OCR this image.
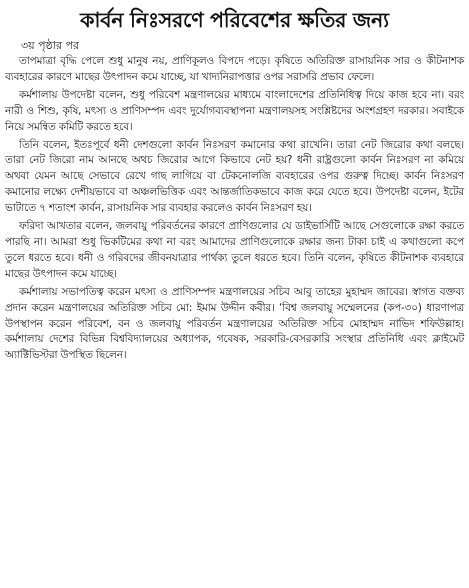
কার্বন নিঃসরণে পরিবেশের ক্ষতির জন্য
৩য় পৃষ্ঠার পর

তাপমাত্রা বৃদ্ধি পেলে শুধু মানুষ নয়, প্রাণিকূলও বিপদে পড়ে। কৃষিতে অতিরিক্ত রাসায়নিক সার ও কীটনাশক ব্যবহারের কারণে মাছের উৎপাদন কমে যাচ্ছে, যা খাদ্যনিরাপত্তার ওপর সরাসরি প্রভাব ফেলে।

কর্মশালায় উপদেষ্টা বলেন, শুধু পরিবেশ মন্ত্রণালয়ের মাধ্যমে বাংলাদেশের প্রতিনিধিত্ব দিয়ে কাজ হবে না। বরং নারী ও শিশু, কৃষি, মৎস্য ও প্রাণিসম্পদ এবং দুর্যোগব্যবস্থাপনা মন্ত্রণালয়সহ সংশ্লিষ্টদের অংশগ্রহণ দরকার। সবাইকে নিয়ে সমন্বিত কমিটি করতে হবে।

তিনি বলেন, ইতঃপূর্বে ধনী দেশগুলো কার্বন নিঃসরণ কমানোর কথা রাখেনি। তারা নেট জিরোর কথা বলছে। তারা নেট জিরো নাম আনছে অথচ জিরোর আগে কিভাবে নেট হয়? ধনী রাষ্ট্রগুলো কার্বন নিঃসরণ না কমিয়ে অথবা যেমন আছে সেভাবে রেখে গাছ লাগিয়ে বা টেকনোলজি ব্যবহারের ওপর গুরুত্ব দিচ্ছে। কার্বন নিঃসরণ কমানোর লক্ষ্যে দেশীয়ভাবে বা অঞ্চলভিত্তিক এবং আন্তর্জাতিকভাবে কাজ করে যেতে হবে। উপদেষ্টা বলেন, ইটের ভাটাতে ৭ শতাংশ কার্বন, রাসায়নিক সার ব্যবহার করলেও কার্বন নিঃসরণ হয়।

ফরিদা আখতার বলেন, জলবায়ু পরিবর্তনের কারণে প্রাণিগুলোর যে ডাইভার্সিটি আছে সেগুলোকে রক্ষা করতে পারছি না। আমরা শুধু ভিকটিমের কথা না বরং আমাদের প্রাণিগুলোকে রক্ষার জন্য টাকা চাই এ কথাগুলো কপে তুলে ধরতে হবে। ধনী ও গরিবদের জীবনযাত্রার পার্থক্য তুলে ধরতে হবে। তিনি বলেন, কৃষিতে কীটনাশক ব্যবহারে মাছের উৎপাদন কমে যাচ্ছে।

কর্মশালায় সভাপতিত্ব করেন মৎস্য ও প্রাণিসম্পদ মন্ত্রণালয়ের সচিব আবু তাহের মুহাম্মদ জাবের। স্বাগত বক্তব্য প্রদান করেন মন্ত্রণালয়ের অতিরিক্ত সচিব মো: ইমাম উদ্দীন কবীর। ‘বিশ্ব জলবায়ু সম্মেলনের (কপ-৩০) ধারণাপত্র উপস্থাপন করেন পরিবেশ, বন ও জলবায়ু পরিবর্তন মন্ত্রণালয়ের অতিরিক্ত সচিব মোহাম্মদ নাভিদ শফিউল্লাহ। কর্মশালায় দেশের বিভিন্ন বিশ্ববিদ্যালয়ের অধ্যাপক, গবেষক, সরকারি-বেসরকারি সংস্থার প্রতিনিধি এবং ক্লাইমেট অ্যাক্টিভিস্টরা উপস্থিত ছিলেন।
